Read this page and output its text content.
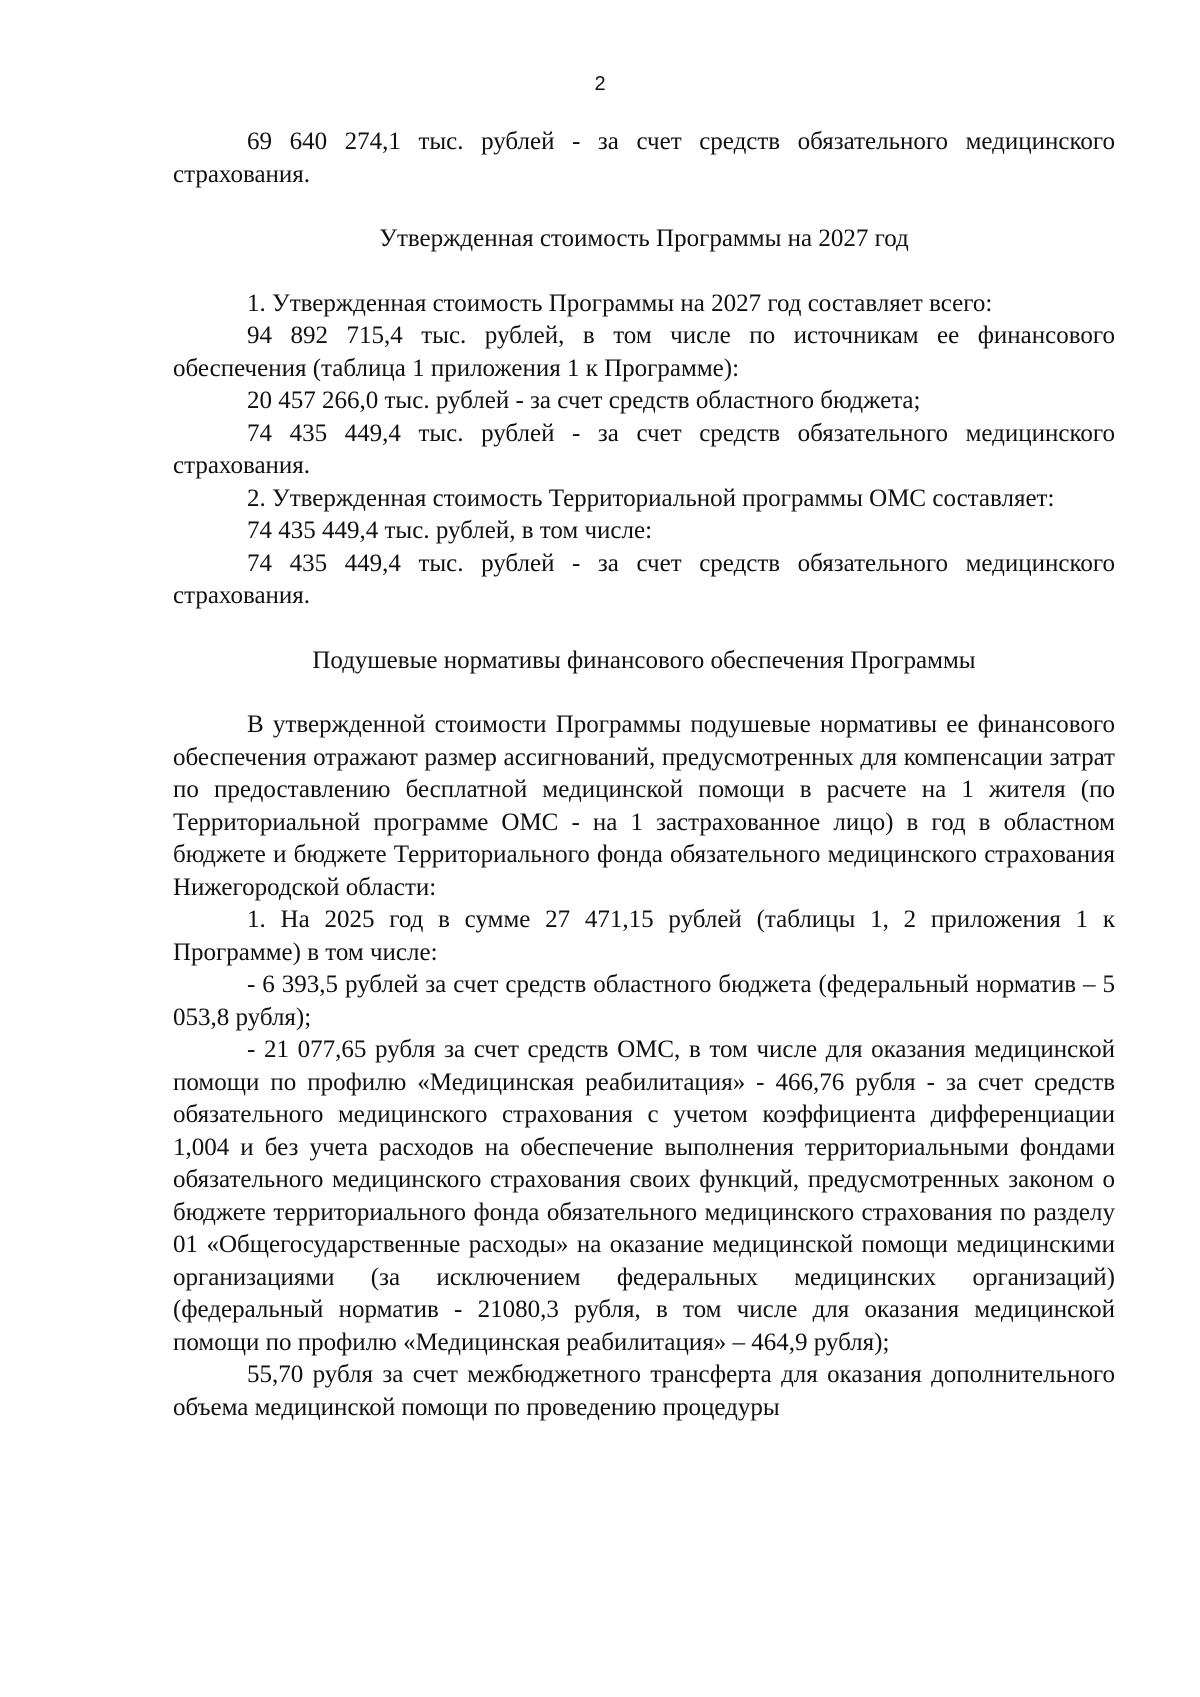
2

69 640 274,1 тыс. рублей - за счет средств обязательного медицинского страхования.

Утвержденная стоимость Программы на 2027 год

1. Утвержденная стоимость Программы на 2027 год составляет всего:

94 892 715,4 тыс. рублей, в том числе по источникам ее финансового обеспечения (таблица 1 приложения 1 к Программе):

20 457 266,0 тыс. рублей - за счет средств областного бюджета;

74 435 449,4 тыс. рублей - за счет средств обязательного медицинского страхования.

2. Утвержденная стоимость Территориальной программы ОМС составляет:

74 435 449,4 тыс. рублей, в том числе:

74 435 449,4 тыс. рублей - за счет средств обязательного медицинского страхования.

Подушевые нормативы финансового обеспечения Программы

В утвержденной стоимости Программы подушевые нормативы ее финансового обеспечения отражают размер ассигнований, предусмотренных для компенсации затрат по предоставлению бесплатной медицинской помощи в расчете на 1 жителя (по Территориальной программе ОМС - на 1 застрахованное лицо) в год в областном бюджете и бюджете Территориального фонда обязательного медицинского страхования Нижегородской области:

1. На 2025 год в сумме 27 471,15 рублей (таблицы 1, 2 приложения 1 к Программе) в том числе:

- 6 393,5 рублей за счет средств областного бюджета (федеральный норматив – 5 053,8 рубля);

- 21 077,65 рубля за счет средств ОМС, в том числе для оказания медицинской помощи по профилю «Медицинская реабилитация» - 466,76 рубля - за счет средств обязательного медицинского страхования с учетом коэффициента дифференциации 1,004 и без учета расходов на обеспечение выполнения территориальными фондами обязательного медицинского страхования своих функций, предусмотренных законом о бюджете территориального фонда обязательного медицинского страхования по разделу 01 «Общегосударственные расходы» на оказание медицинской помощи медицинскими организациями (за исключением федеральных медицинских организаций) (федеральный норматив - 21080,3 рубля, в том числе для оказания медицинской помощи по профилю «Медицинская реабилитация» – 464,9 рубля);

55,70 рубля за счет межбюджетного трансферта для оказания дополнительного объема медицинской помощи по проведению процедуры
